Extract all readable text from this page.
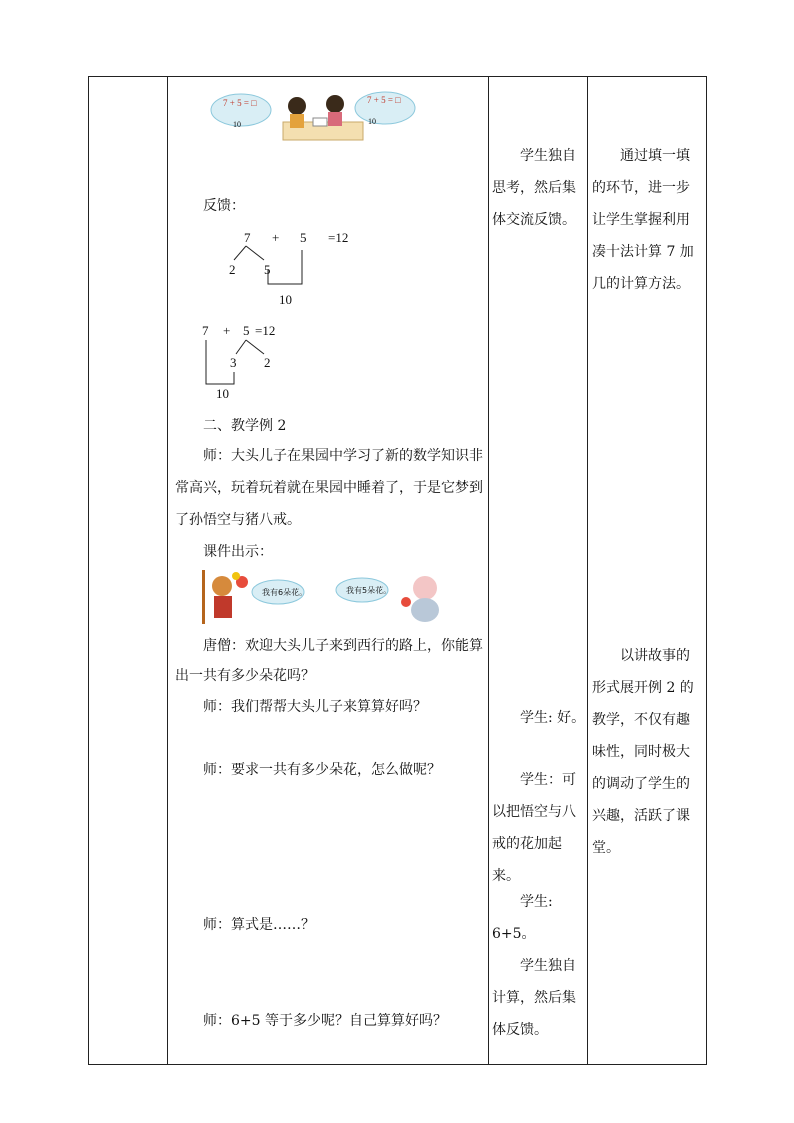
7 + 5 = □
10
7 + 5 = □
10
反馈：
7 + 5 =12
2 5
10
7 + 5 =12
3 2
10
二、教学例 2
师：大头儿子在果园中学习了新的数学知识非
常高兴，玩着玩着就在果园中睡着了，于是它梦到
了孙悟空与猪八戒。
课件出示：
我有6朵花。	我有5朵花。
唐僧：欢迎大头儿子来到西行的路上，你能算
出一共有多少朵花吗？
师：我们帮帮大头儿子来算算好吗？
师：要求一共有多少朵花，怎么做呢？
师：算式是……？
师：6+5 等于多少呢？自己算算好吗？

学生独自

思考，然后集

体交流反馈。

学生: 好。

学生：可

以把悟空与八

戒的花加起来。

学生: 6+5。

学生独自

计算，然后集

体反馈。

通过填一填

的环节，进一步

让学生掌握利用

凑十法计算 7 加

几的计算方法。

以讲故事的

形式展开例 2 的

教学，不仅有趣

味性，同时极大

的调动了学生的

兴趣，活跃了课

堂。
